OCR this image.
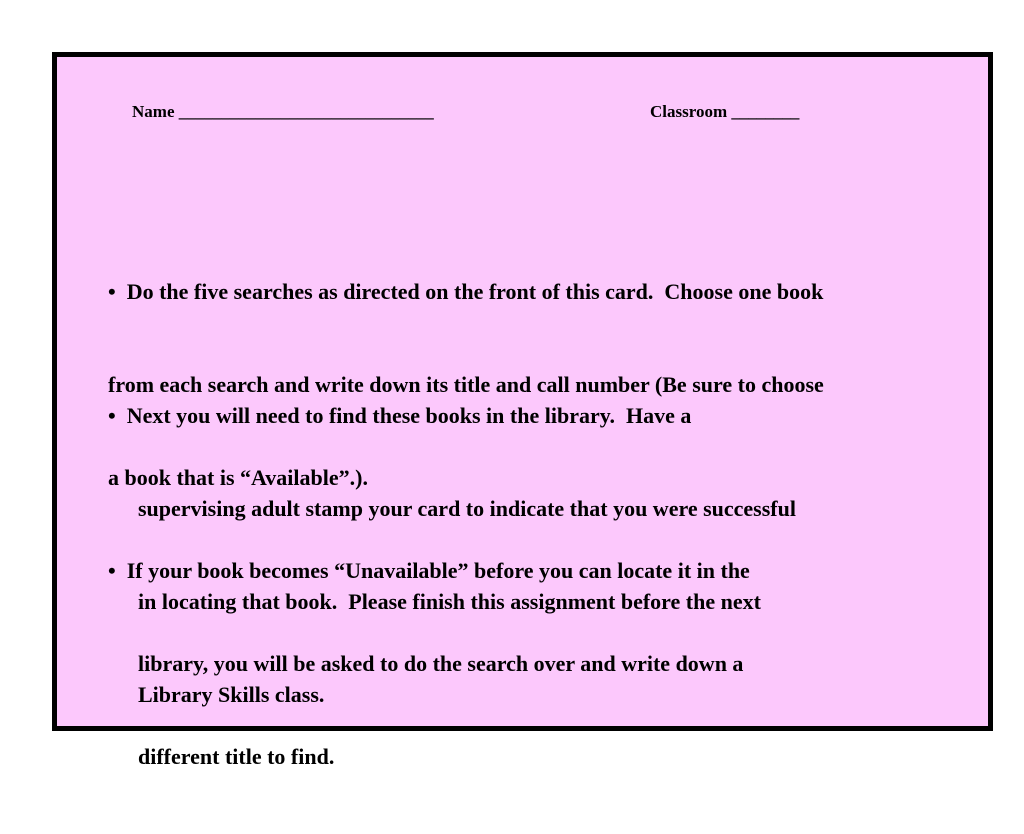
Name ______________________________	Classroom ________

•  Do the five searches as directed on the front of this card.  Choose one book

from each search and write down its title and call number (Be sure to choose

a book that is “Available”.).

•  Next you will need to find these books in the library.  Have a

supervising adult stamp your card to indicate that you were successful

in locating that book.  Please finish this assignment before the next

Library Skills class.

•  If your book becomes “Unavailable” before you can locate it in the

library, you will be asked to do the search over and write down a

different title to find.
